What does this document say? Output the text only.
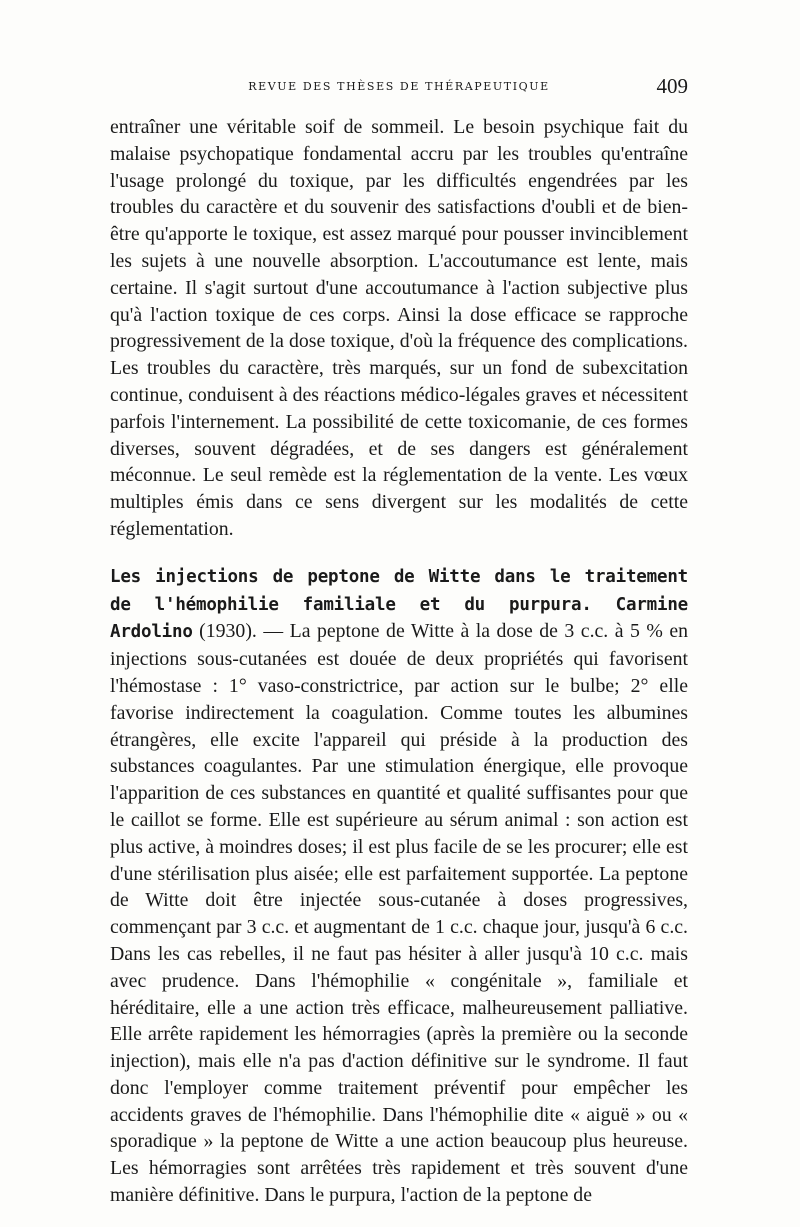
REVUE DES THÈSES DE THÉRAPEUTIQUE	409

entraîner une véritable soif de sommeil. Le besoin psychique fait du malaise psychopatique fondamental accru par les troubles qu'entraîne l'usage prolongé du toxique, par les difficultés engendrées par les troubles du caractère et du souvenir des satisfactions d'oubli et de bien-être qu'apporte le toxique, est assez marqué pour pousser invinciblement les sujets à une nouvelle absorption. L'accoutumance est lente, mais certaine. Il s'agit surtout d'une accoutumance à l'action subjective plus qu'à l'action toxique de ces corps. Ainsi la dose efficace se rapproche progressivement de la dose toxique, d'où la fréquence des complications. Les troubles du caractère, très marqués, sur un fond de subexcitation continue, conduisent à des réactions médico-légales graves et nécessitent parfois l'internement. La possibilité de cette toxicomanie, de ces formes diverses, souvent dégradées, et de ses dangers est généralement méconnue. Le seul remède est la réglementation de la vente. Les vœux multiples émis dans ce sens divergent sur les modalités de cette réglementation.

Les injections de peptone de Witte dans le traitement de l'hémophilie familiale et du purpura. Carmine Ardolino (1930). — La peptone de Witte à la dose de 3 c.c. à 5 % en injections sous-cutanées est douée de deux propriétés qui favorisent l'hémostase : 1° vaso-constrictrice, par action sur le bulbe; 2° elle favorise indirectement la coagulation. Comme toutes les albumines étrangères, elle excite l'appareil qui préside à la production des substances coagulantes. Par une stimulation énergique, elle provoque l'apparition de ces substances en quantité et qualité suffisantes pour que le caillot se forme. Elle est supérieure au sérum animal : son action est plus active, à moindres doses; il est plus facile de se les procurer; elle est d'une stérilisation plus aisée; elle est parfaitement supportée. La peptone de Witte doit être injectée sous-cutanée à doses progressives, commençant par 3 c.c. et augmentant de 1 c.c. chaque jour, jusqu'à 6 c.c. Dans les cas rebelles, il ne faut pas hésiter à aller jusqu'à 10 c.c. mais avec prudence. Dans l'hémophilie « congénitale », familiale et héréditaire, elle a une action très efficace, malheureusement palliative. Elle arrête rapidement les hémorragies (après la première ou la seconde injection), mais elle n'a pas d'action définitive sur le syndrome. Il faut donc l'employer comme traitement préventif pour empêcher les accidents graves de l'hémophilie. Dans l'hémophilie dite « aiguë » ou « sporadique » la peptone de Witte a une action beaucoup plus heureuse. Les hémorragies sont arrêtées très rapidement et très souvent d'une manière définitive. Dans le purpura, l'action de la peptone de
